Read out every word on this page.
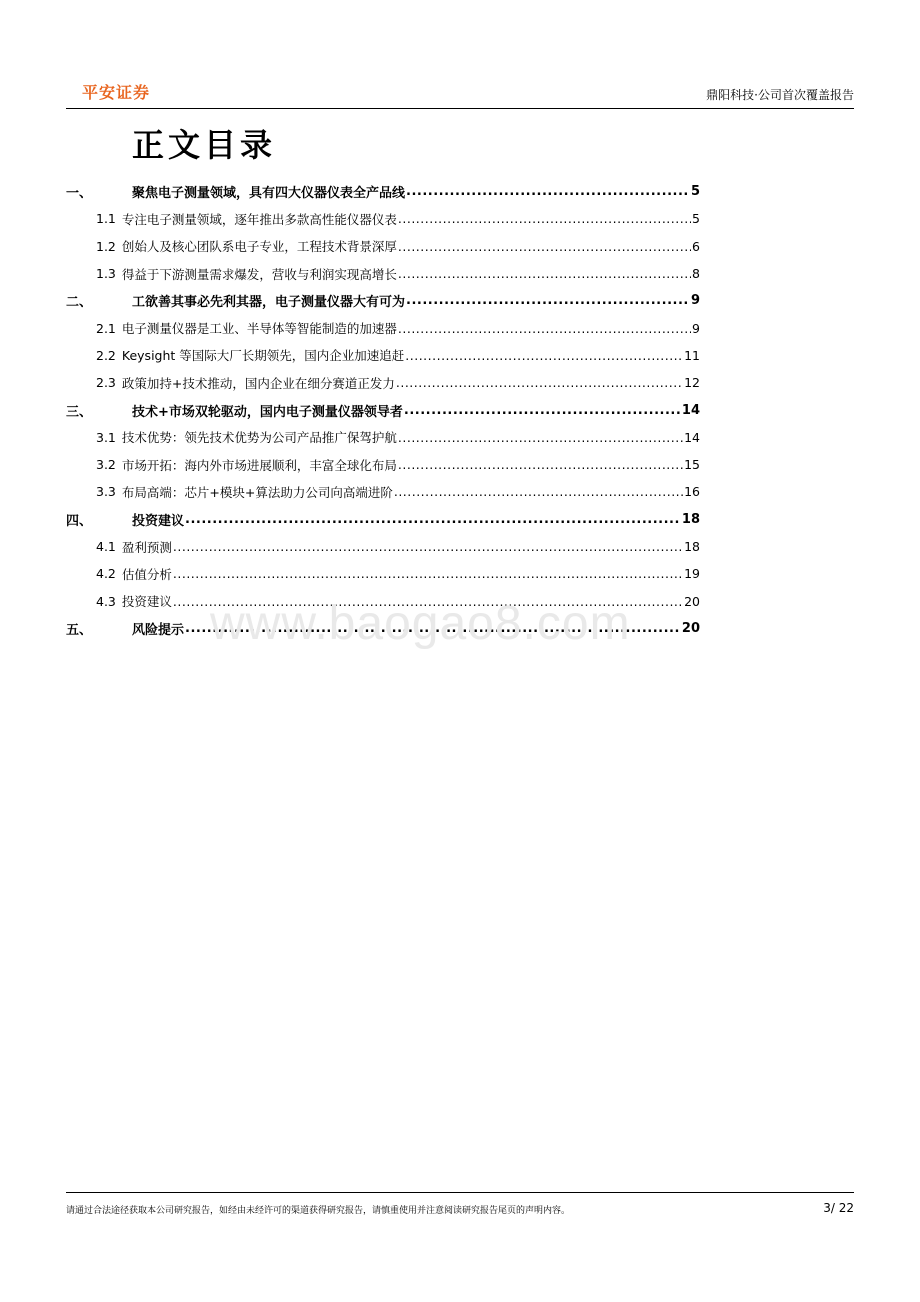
平安证券	鼎阳科技·公司首次覆盖报告
正文目录
一、	聚焦电子测量领域，具有四大仪器仪表全产品线 .....	5
1.1 专注电子测量领域，逐年推出多款高性能仪器仪表 .....	5
1.2 创始人及核心团队系电子专业，工程技术背景深厚 .....	6
1.3 得益于下游测量需求爆发，营收与利润实现高增长 .....	8
二、	工欲善其事必先利其器，电子测量仪器大有可为 .....	9
2.1 电子测量仪器是工业、半导体等智能制造的加速器 .....	9
2.2 Keysight 等国际大厂长期领先，国内企业加速追赶 .....	11
2.3 政策加持+技术推动，国内企业在细分赛道正发力 .....	12
三、	技术+市场双轮驱动，国内电子测量仪器领导者 .....	14
3.1 技术优势：领先技术优势为公司产品推广保驾护航 .....	14
3.2 市场开拓：海内外市场进展顺利，丰富全球化布局 .....	15
3.3 布局高端：芯片+模块+算法助力公司向高端进阶 .....	16
四、	投资建议 .....	18
4.1 盈利预测 .....	18
4.2 估值分析 .....	19
4.3 投资建议 .....	20
五、	风险提示 .....	20
www.baogao8.com
请通过合法途径获取本公司研究报告，如经由未经许可的渠道获得研究报告，请慎重使用并注意阅读研究报告尾页的声明内容。	3/ 22
